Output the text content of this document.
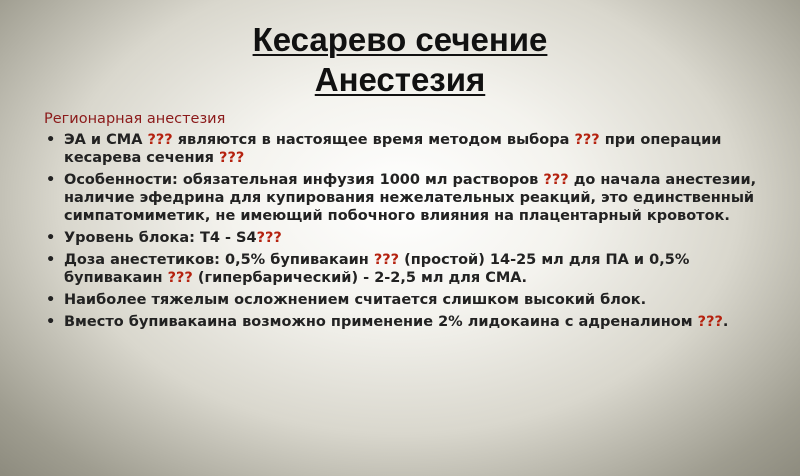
Кесарево сечение
Анестезия
Регионарная анестезия
• ЭА и СМА ??? являются в настоящее время методом выбора ??? при операции кесарева сечения ???
• Особенности: обязательная инфузия 1000 мл растворов ??? до начала анестезии, наличие эфедрина для купирования нежелательных реакций, это единственный симпатомиметик, не имеющий побочного влияния на плацентарный кровоток.
• Уровень блока: Т4 - S4???
• Доза анестетиков: 0,5% бупивакаин ??? (простой) 14-25 мл для ПА и 0,5% бупивакаин ??? (гипербарический) - 2-2,5 мл для СМА.
• Наиболее тяжелым осложнением считается слишком высокий блок.
• Вместо бупивакаина возможно применение 2% лидокаина с адреналином ???.
